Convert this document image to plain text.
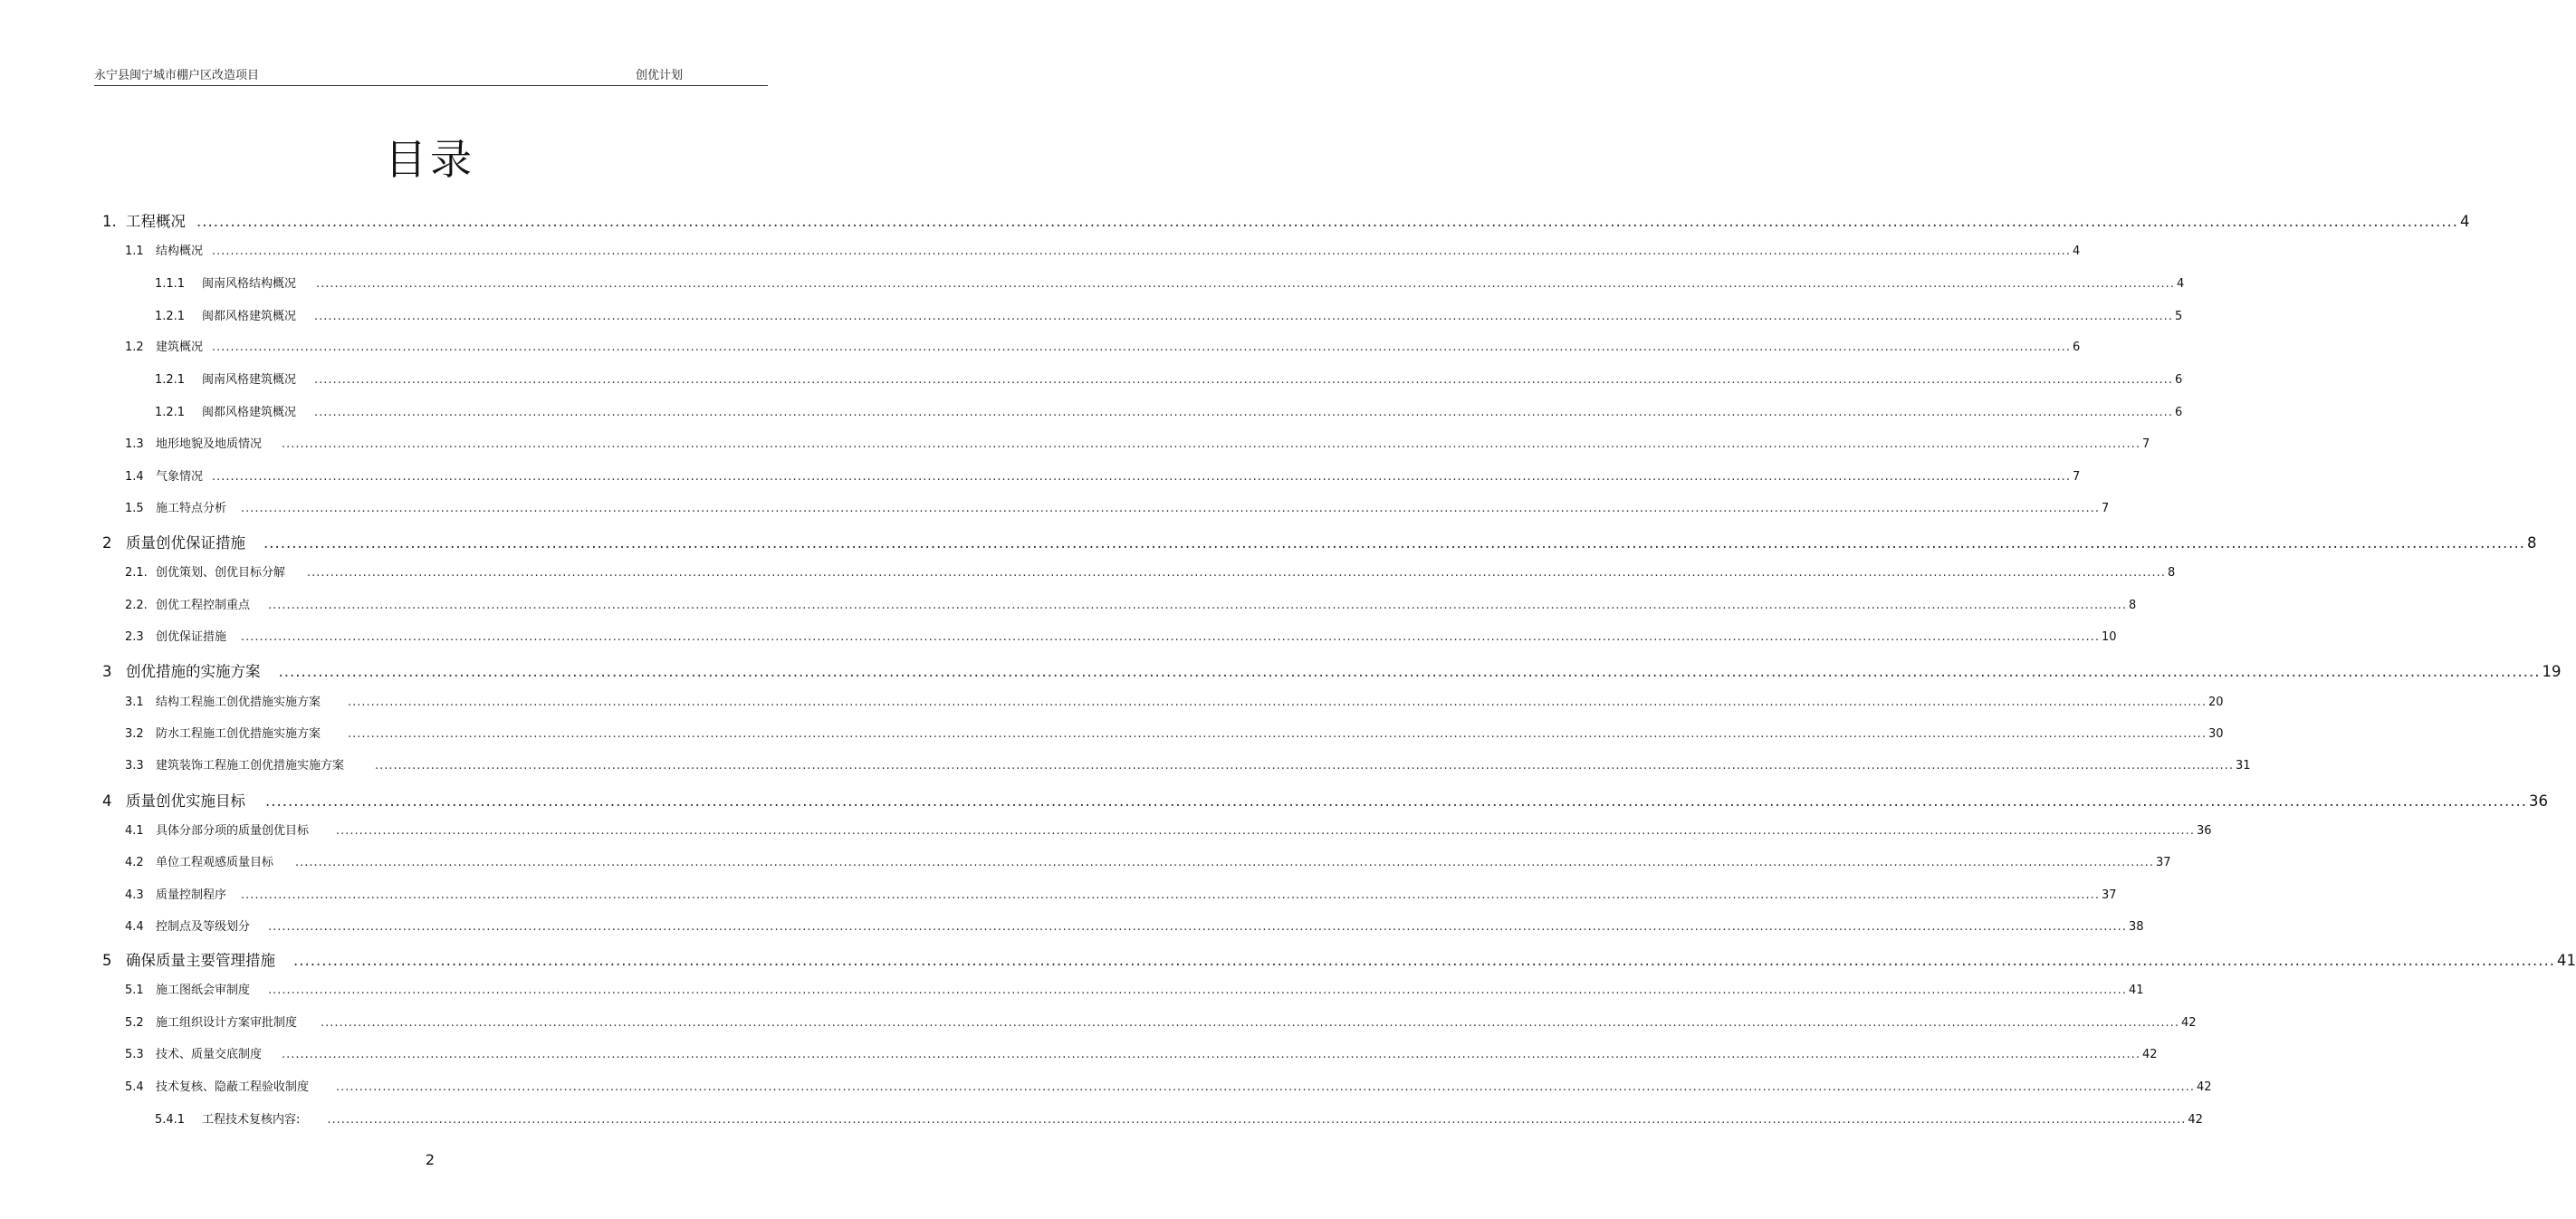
永宁县闽宁城市棚户区改造项目	创优计划
目录
1. 工程概况 ................................................................................................................................................................................................................................................................................................................................................................................................................ 4
1.1	结构概况 ................................................................................................................................................................................................................................................................................................................................................................................................................ 4
1.1.1	闽南风格结构概况 ................................................................................................................................................................................................................................................................................................................................................................................................................ 4
1.2.1	闽都风格建筑概况 ................................................................................................................................................................................................................................................................................................................................................................................................................ 5
1.2	建筑概况 ................................................................................................................................................................................................................................................................................................................................................................................................................ 6
1.2.1	闽南风格建筑概况 ................................................................................................................................................................................................................................................................................................................................................................................................................ 6
1.2.1	闽都风格建筑概况 ................................................................................................................................................................................................................................................................................................................................................................................................................ 6
1.3	地形地貌及地质情况 ................................................................................................................................................................................................................................................................................................................................................................................................................ 7
1.4	气象情况 ................................................................................................................................................................................................................................................................................................................................................................................................................ 7
1.5	施工特点分析 ................................................................................................................................................................................................................................................................................................................................................................................................................ 7
2 质量创优保证措施 ................................................................................................................................................................................................................................................................................................................................................................................................................ 8
2.1. 创优策划、创优目标分解 ................................................................................................................................................................................................................................................................................................................................................................................................................ 8
2.2. 创优工程控制重点 ................................................................................................................................................................................................................................................................................................................................................................................................................ 8
2.3	创优保证措施 ................................................................................................................................................................................................................................................................................................................................................................................................................ 10
3 创优措施的实施方案 ................................................................................................................................................................................................................................................................................................................................................................................................................ 19
3.1	结构工程施工创优措施实施方案 ................................................................................................................................................................................................................................................................................................................................................................................................................ 20
3.2	防水工程施工创优措施实施方案 ................................................................................................................................................................................................................................................................................................................................................................................................................ 30
3.3	建筑装饰工程施工创优措施实施方案	................................................................................................................................................................................................................................................................................................................................................................................................................ 31
4 质量创优实施目标 ................................................................................................................................................................................................................................................................................................................................................................................................................ 36
4.1	具体分部分项的质量创优目标 ................................................................................................................................................................................................................................................................................................................................................................................................................ 36
4.2	单位工程观感质量目标 ................................................................................................................................................................................................................................................................................................................................................................................................................ 37
4.3	质量控制程序 ................................................................................................................................................................................................................................................................................................................................................................................................................ 37
4.4	控制点及等级划分 ................................................................................................................................................................................................................................................................................................................................................................................................................ 38
5 确保质量主要管理措施 ................................................................................................................................................................................................................................................................................................................................................................................................................ 41
5.1	施工图纸会审制度 ................................................................................................................................................................................................................................................................................................................................................................................................................ 41
5.2	施工组织设计方案审批制度 ................................................................................................................................................................................................................................................................................................................................................................................................................ 42
5.3	技术、质量交底制度 ................................................................................................................................................................................................................................................................................................................................................................................................................ 42
5.4	技术复核、隐蔽工程验收制度 ................................................................................................................................................................................................................................................................................................................................................................................................................ 42
5.4.1	工程技术复核内容: ................................................................................................................................................................................................................................................................................................................................................................................................................ 42
2
